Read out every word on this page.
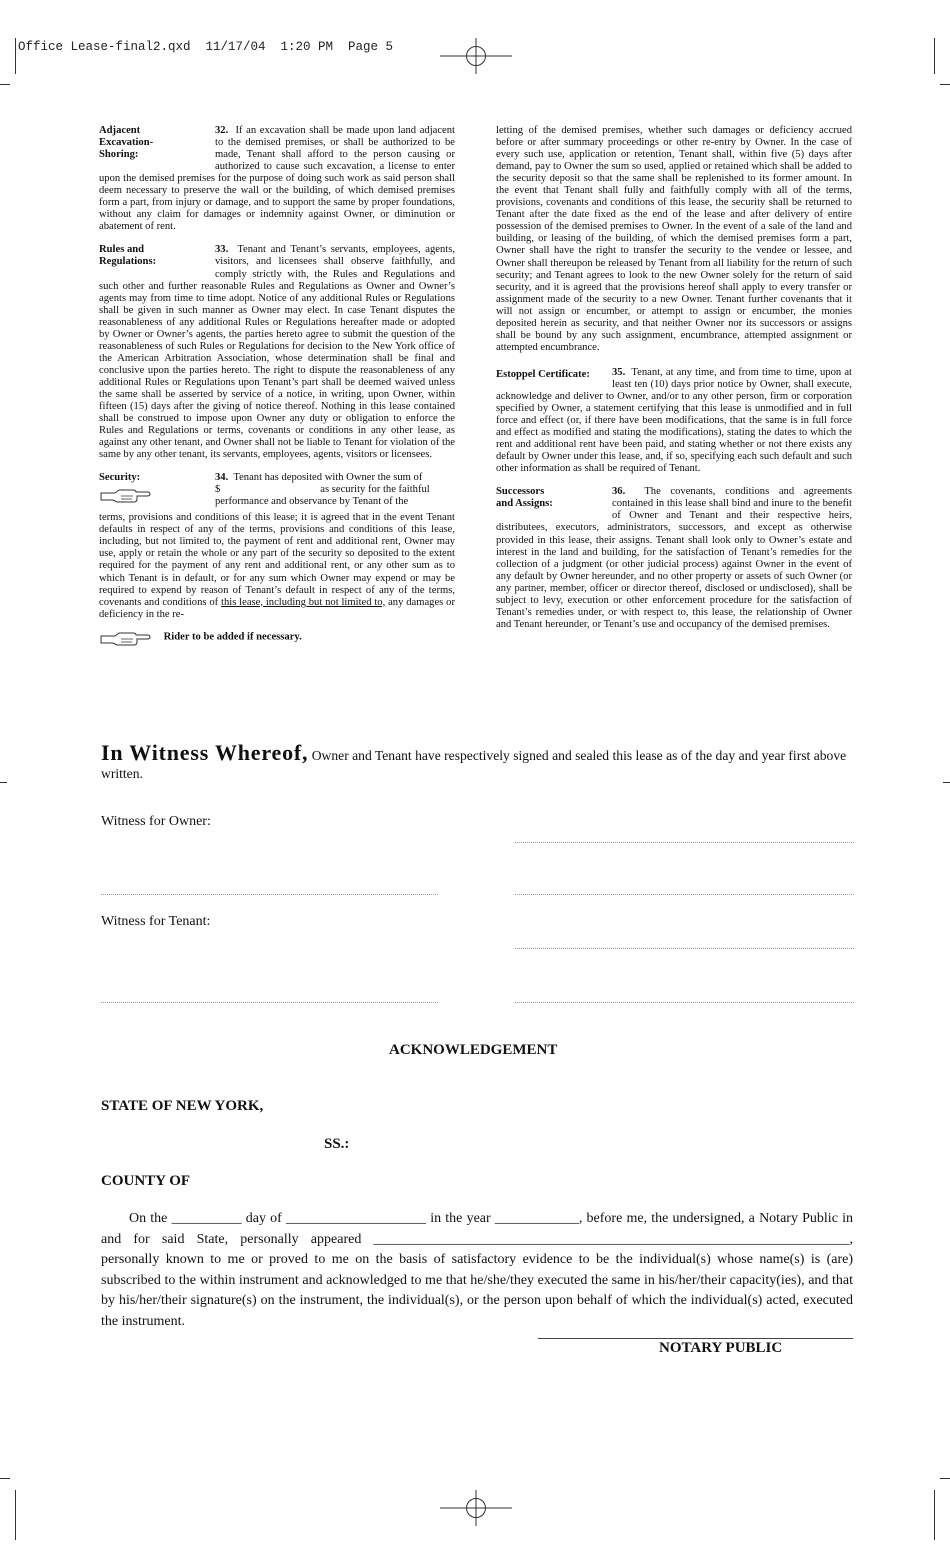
Office Lease-final2.qxd  11/17/04  1:20 PM  Page 5
Adjacent
Excavation-
Shoring:

32. If an excavation shall be made upon land adjacent to the demised premises, or shall be authorized to be made, Tenant shall afford to the person causing or authorized to cause such excavation, a license to enter upon the demised premises for the purpose of doing such work as said person shall deem necessary to preserve the wall or the building, of which demised premises form a part, from injury or damage, and to support the same by proper foundations, without any claim for damages or indemnity against Owner, or diminution or abatement of rent.

Rules and
Regulations:

33. Tenant and Tenant’s servants, employees, agents, visitors, and licensees shall observe faithfully, and comply strictly with, the Rules and Regulations and such other and further reasonable Rules and Regulations as Owner and Owner’s agents may from time to time adopt. Notice of any additional Rules or Regulations shall be given in such manner as Owner may elect. In case Tenant disputes the reasonableness of any additional Rules or Regulations hereafter made or adopted by Owner or Owner’s agents, the parties hereto agree to submit the question of the reasonableness of such Rules or Regulations for decision to the New York office of the American Arbitration Association, whose determination shall be final and conclusive upon the parties hereto. The right to dispute the reasonableness of any additional Rules or Regulations upon Tenant’s part shall be deemed waived unless the same shall be asserted by service of a notice, in writing, upon Owner, within fifteen (15) days after the giving of notice thereof. Nothing in this lease contained shall be construed to impose upon Owner any duty or obligation to enforce the Rules and Regulations or terms, covenants or conditions in any other lease, as against any other tenant, and Owner shall not be liable to Tenant for violation of the same by any other tenant, its servants, employees, agents, visitors or licensees.

Security:	34. Tenant has deposited with Owner the sum of
$	as security for the faithful performance and observance by Tenant of the

terms, provisions and conditions of this lease; it is agreed that in the event Tenant defaults in respect of any of the terms, provisions and conditions of this lease, including, but not limited to, the payment of rent and additional rent, Owner may use, apply or retain the whole or any part of the security so deposited to the extent required for the payment of any rent and additional rent, or any other sum as to which Tenant is in default, or for any sum which Owner may expend or may be required to expend by reason of Tenant’s default in respect of any of the terms, covenants and conditions of this lease, including but not limited to, any damages or deficiency in the re-

Rider to be added if necessary.

letting of the demised premises, whether such damages or deficiency accrued before or after summary proceedings or other re-entry by Owner. In the case of every such use, application or retention, Tenant shall, within five (5) days after demand, pay to Owner the sum so used, applied or retained which shall be added to the security deposit so that the same shall be replenished to its former amount. In the event that Tenant shall fully and faithfully comply with all of the terms, provisions, covenants and conditions of this lease, the security shall be returned to Tenant after the date fixed as the end of the lease and after delivery of entire possession of the demised premises to Owner. In the event of a sale of the land and building, or leasing of the building, of which the demised premises form a part, Owner shall have the right to transfer the security to the vendee or lessee, and Owner shall thereupon be released by Tenant from all liability for the return of such security; and Tenant agrees to look to the new Owner solely for the return of said security, and it is agreed that the provisions hereof shall apply to every transfer or assignment made of the security to a new Owner. Tenant further covenants that it will not assign or encumber, or attempt to assign or encumber, the monies deposited herein as security, and that neither Owner nor its successors or assigns shall be bound by any such assignment, encumbrance, attempted assignment or attempted encumbrance.

Estoppel Certificate:	35. Tenant, at any time, and from time to time, upon at least ten (10) days prior notice by Owner, shall execute, acknowledge and deliver to Owner, and/or to any other person, firm or corporation specified by Owner, a statement certifying that this lease is unmodified and in full force and effect (or, if there have been modifications, that the same is in full force and effect as modified and stating the modifications), stating the dates to which the rent and additional rent have been paid, and stating whether or not there exists any default by Owner under this lease, and, if so, specifying each such default and such other information as shall be required of Tenant.

Successors
and Assigns:

36. The covenants, conditions and agreements contained in this lease shall bind and inure to the benefit of Owner and Tenant and their respective heirs, distributees, executors, administrators, successors, and except as otherwise provided in this lease, their assigns. Tenant shall look only to Owner’s estate and interest in the land and building, for the satisfaction of Tenant’s remedies for the collection of a judgment (or other judicial process) against Owner in the event of any default by Owner hereunder, and no other property or assets of such Owner (or any partner, member, officer or director thereof, disclosed or undisclosed), shall be subject to levy, execution or other enforcement procedure for the satisfaction of Tenant’s remedies under, or with respect to, this lease, the relationship of Owner and Tenant hereunder, or Tenant’s use and occupancy of the demised premises.

In Witness Whereof, Owner and Tenant have respectively signed and sealed this lease as of the day and year first above written.
Witness for Owner:
Witness for Tenant:
ACKNOWLEDGEMENT
STATE OF NEW YORK,
SS.:
COUNTY OF

On the __________ day of ____________________ in the year ____________, before me, the undersigned, a Notary Public in and for said State, personally appeared ____________________________________________________________________, personally known to me or proved to me on the basis of satisfactory evidence to be the individual(s) whose name(s) is (are) subscribed to the within instrument and acknowledged to me that he/she/they executed the same in his/her/their capacity(ies), and that by his/her/their signature(s) on the instrument, the individual(s), or the person upon behalf of which the individual(s) acted, executed the instrument.

NOTARY PUBLIC
